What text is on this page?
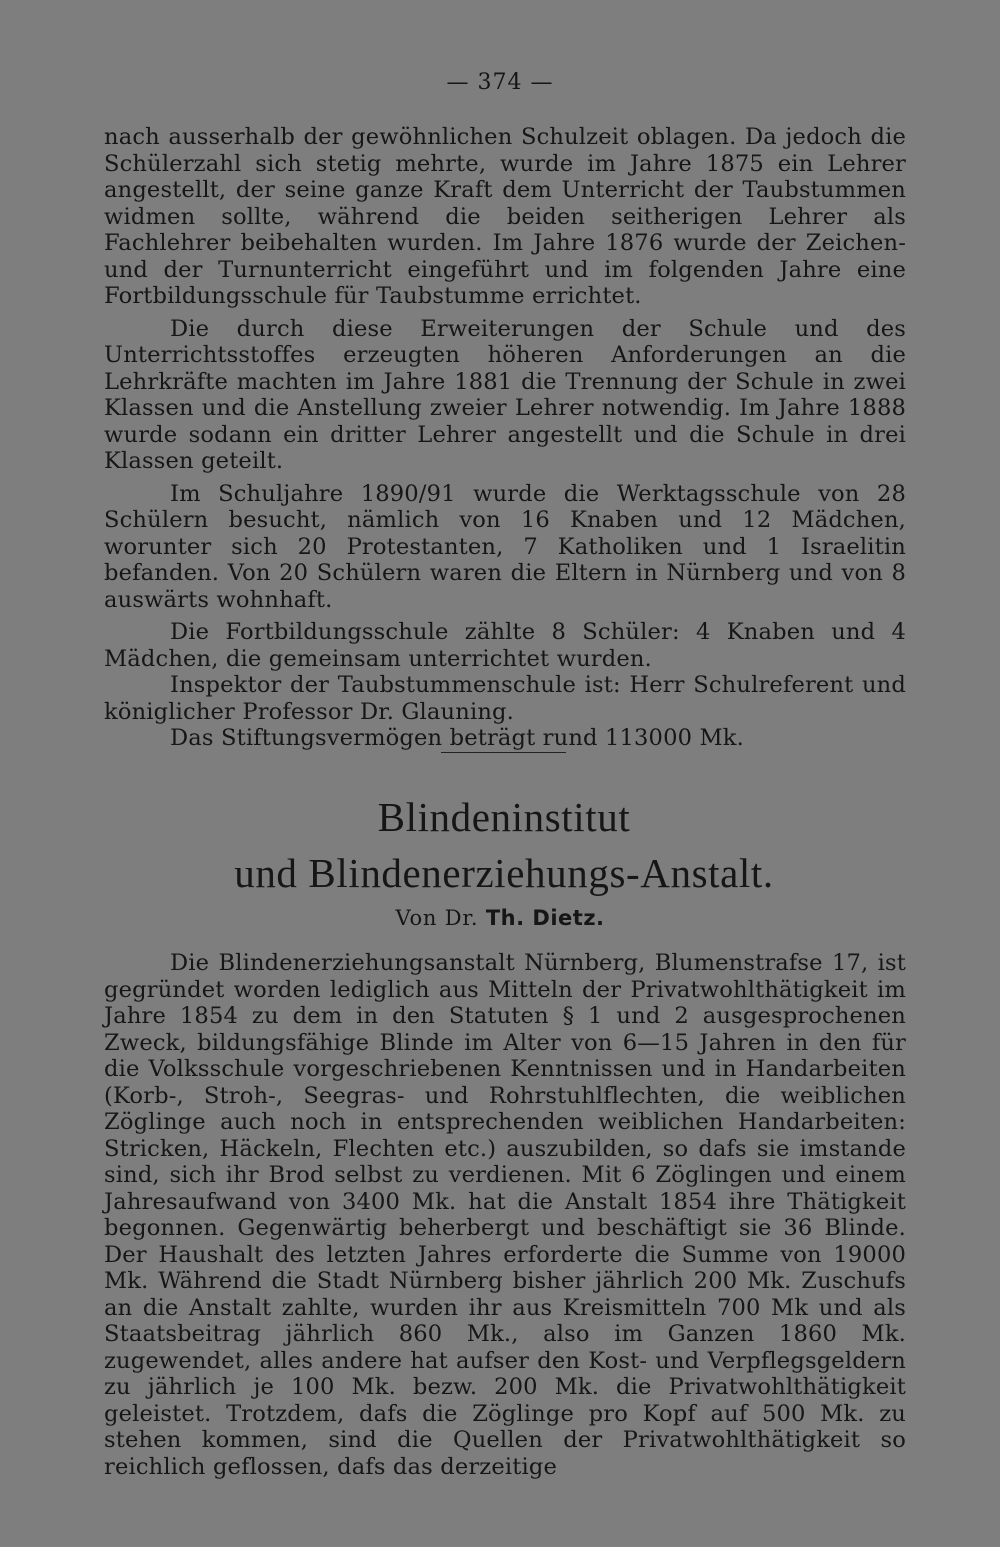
— 374 —

nach ausserhalb der gewöhnlichen Schulzeit oblagen. Da jedoch die Schülerzahl sich stetig mehrte, wurde im Jahre 1875 ein Lehrer angestellt, der seine ganze Kraft dem Unterricht der Taubstummen widmen sollte, während die beiden seitherigen Lehrer als Fachlehrer beibehalten wurden. Im Jahre 1876 wurde der Zeichen- und der Turnunterricht eingeführt und im folgenden Jahre eine Fortbildungsschule für Taubstumme errichtet.

Die durch diese Erweiterungen der Schule und des Unterrichtsstoffes erzeugten höheren Anforderungen an die Lehrkräfte machten im Jahre 1881 die Trennung der Schule in zwei Klassen und die Anstellung zweier Lehrer notwendig. Im Jahre 1888 wurde sodann ein dritter Lehrer angestellt und die Schule in drei Klassen geteilt.

Im Schuljahre 1890/91 wurde die Werktagsschule von 28 Schülern besucht, nämlich von 16 Knaben und 12 Mädchen, worunter sich 20 Protestanten, 7 Katholiken und 1 Israelitin befanden. Von 20 Schülern waren die Eltern in Nürnberg und von 8 auswärts wohnhaft.

Die Fortbildungsschule zählte 8 Schüler: 4 Knaben und 4 Mädchen, die gemeinsam unterrichtet wurden.

Inspektor der Taubstummenschule ist: Herr Schulreferent und königlicher Professor Dr. Glauning.

Das Stiftungsvermögen beträgt rund 113000 Mk.

Blindeninstitut
und Blindenerziehungs-Anstalt.
Von Dr. Th. Dietz.

Die Blindenerziehungsanstalt Nürnberg, Blumenstrafse 17, ist gegründet worden lediglich aus Mitteln der Privatwohlthätigkeit im Jahre 1854 zu dem in den Statuten § 1 und 2 ausgesprochenen Zweck, bildungsfähige Blinde im Alter von 6—15 Jahren in den für die Volksschule vorgeschriebenen Kenntnissen und in Handarbeiten (Korb-, Stroh-, Seegras- und Rohrstuhlflechten, die weiblichen Zöglinge auch noch in entsprechenden weiblichen Handarbeiten: Stricken, Häckeln, Flechten etc.) auszubilden, so dafs sie imstande sind, sich ihr Brod selbst zu verdienen. Mit 6 Zöglingen und einem Jahresaufwand von 3400 Mk. hat die Anstalt 1854 ihre Thätigkeit begonnen. Gegenwärtig beherbergt und beschäftigt sie 36 Blinde. Der Haushalt des letzten Jahres erforderte die Summe von 19000 Mk. Während die Stadt Nürnberg bisher jährlich 200 Mk. Zuschufs an die Anstalt zahlte, wurden ihr aus Kreismitteln 700 Mk und als Staatsbeitrag jährlich 860 Mk., also im Ganzen 1860 Mk. zugewendet, alles andere hat aufser den Kost- und Verpflegsgeldern zu jährlich je 100 Mk. bezw. 200 Mk. die Privatwohlthätigkeit geleistet. Trotzdem, dafs die Zöglinge pro Kopf auf 500 Mk. zu stehen kommen, sind die Quellen der Privatwohlthätigkeit so reichlich geflossen, dafs das derzeitige
